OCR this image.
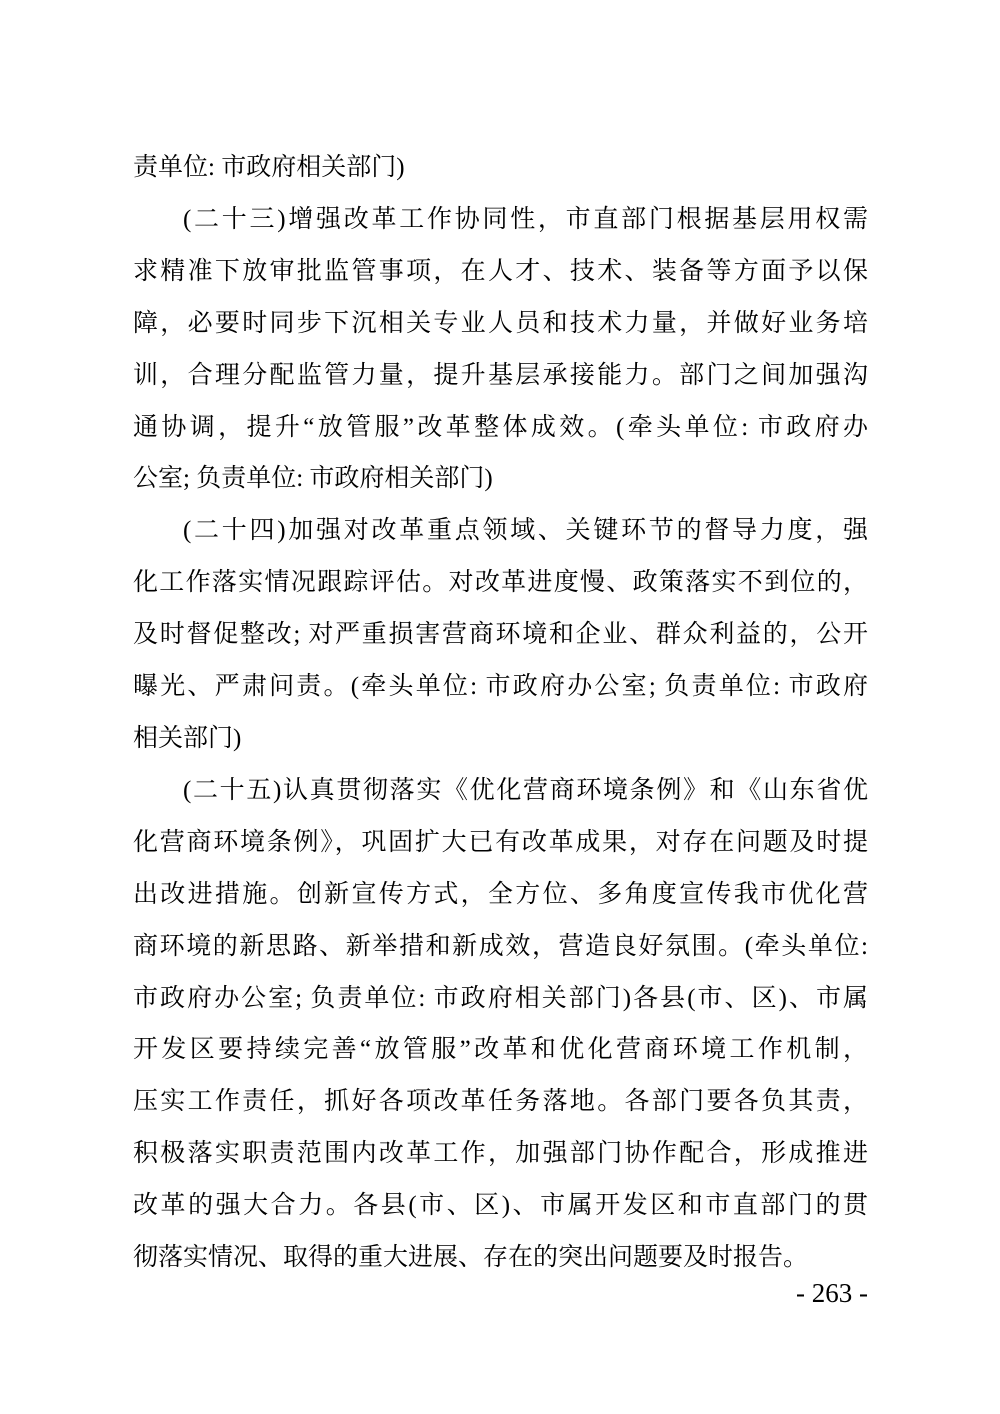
责单位: 市政府相关部门)
(二十三)增强改革工作协同性，市直部门根据基层用权需
求精准下放审批监管事项，在人才、技术、装备等方面予以保
障，必要时同步下沉相关专业人员和技术力量，并做好业务培
训，合理分配监管力量，提升基层承接能力。部门之间加强沟
通协调，提升“放管服”改革整体成效。(牵头单位: 市政府办
公室; 负责单位: 市政府相关部门)
(二十四)加强对改革重点领域、关键环节的督导力度，强
化工作落实情况跟踪评估。对改革进度慢、政策落实不到位的，
及时督促整改; 对严重损害营商环境和企业、群众利益的，公开
曝光、严肃问责。(牵头单位: 市政府办公室; 负责单位: 市政府
相关部门)
(二十五)认真贯彻落实《优化营商环境条例》和《山东省优
化营商环境条例》，巩固扩大已有改革成果，对存在问题及时提
出改进措施。创新宣传方式，全方位、多角度宣传我市优化营
商环境的新思路、新举措和新成效，营造良好氛围。(牵头单位:
市政府办公室; 负责单位: 市政府相关部门)各县(市、区)、市属
开发区要持续完善“放管服”改革和优化营商环境工作机制，
压实工作责任，抓好各项改革任务落地。各部门要各负其责，
积极落实职责范围内改革工作，加强部门协作配合，形成推进
改革的强大合力。各县(市、区)、市属开发区和市直部门的贯
彻落实情况、取得的重大进展、存在的突出问题要及时报告。
- 263 -
